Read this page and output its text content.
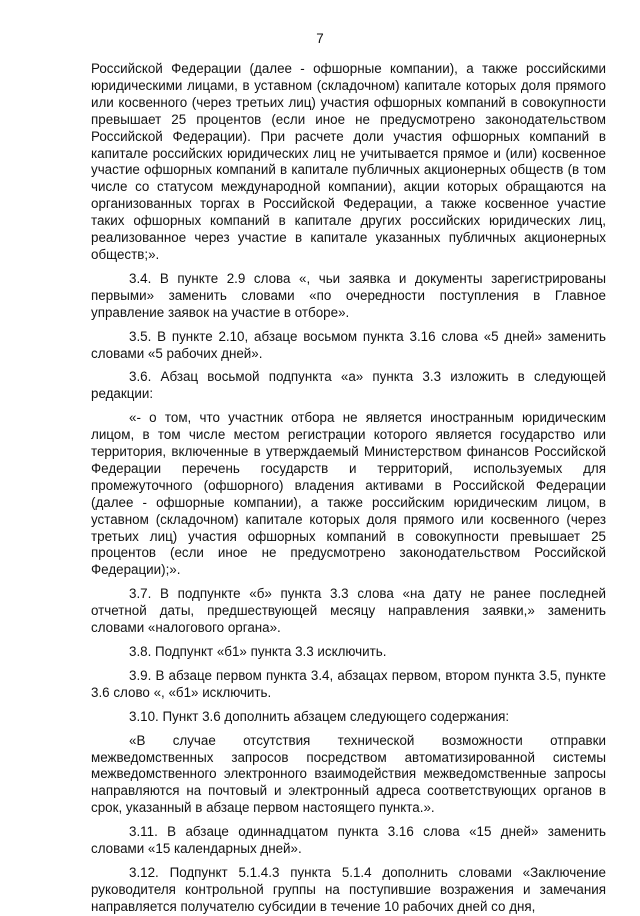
7

Российской Федерации (далее - офшорные компании), а также российскими юридическими лицами, в уставном (складочном) капитале которых доля прямого или косвенного (через третьих лиц) участия офшорных компаний в совокупности превышает 25 процентов (если иное не предусмотрено законодательством Российской Федерации). При расчете доли участия офшорных компаний в капитале российских юридических лиц не учитывается прямое и (или) косвенное участие офшорных компаний в капитале публичных акционерных обществ (в том числе со статусом международной компании), акции которых обращаются на организованных торгах в Российской Федерации, а также косвенное участие таких офшорных компаний в капитале других российских юридических лиц, реализованное через участие в капитале указанных публичных акционерных обществ;».

3.4. В пункте 2.9 слова «, чьи заявка и документы зарегистрированы первыми» заменить словами «по очередности поступления в Главное управление заявок на участие в отборе».

3.5. В пункте 2.10, абзаце восьмом пункта 3.16 слова «5 дней» заменить словами «5 рабочих дней».

3.6. Абзац восьмой подпункта «а» пункта 3.3 изложить в следующей редакции:

«- о том, что участник отбора не является иностранным юридическим лицом, в том числе местом регистрации которого является государство или территория, включенные в утверждаемый Министерством финансов Российской Федерации перечень государств и территорий, используемых для промежуточного (офшорного) владения активами в Российской Федерации (далее - офшорные компании), а также российским юридическим лицом, в уставном (складочном) капитале которых доля прямого или косвенного (через третьих лиц) участия офшорных компаний в совокупности превышает 25 процентов (если иное не предусмотрено законодательством Российской Федерации);».

3.7. В подпункте «б» пункта 3.3 слова «на дату не ранее последней отчетной даты, предшествующей месяцу направления заявки,» заменить словами «налогового органа».

3.8. Подпункт «б1» пункта 3.3 исключить.

3.9. В абзаце первом пункта 3.4, абзацах первом, втором пункта 3.5, пункте 3.6 слово «, «б1» исключить.

3.10. Пункт 3.6 дополнить абзацем следующего содержания:

«В случае отсутствия технической возможности отправки межведомственных запросов посредством автоматизированной системы межведомственного электронного взаимодействия межведомственные запросы направляются на почтовый и электронный адреса соответствующих органов в срок, указанный в абзаце первом настоящего пункта.».

3.11. В абзаце одиннадцатом пункта 3.16 слова «15 дней» заменить словами «15 календарных дней».

3.12. Подпункт 5.1.4.3 пункта 5.1.4 дополнить словами «Заключение руководителя контрольной группы на поступившие возражения и замечания направляется получателю субсидии в течение 10 рабочих дней со дня,
